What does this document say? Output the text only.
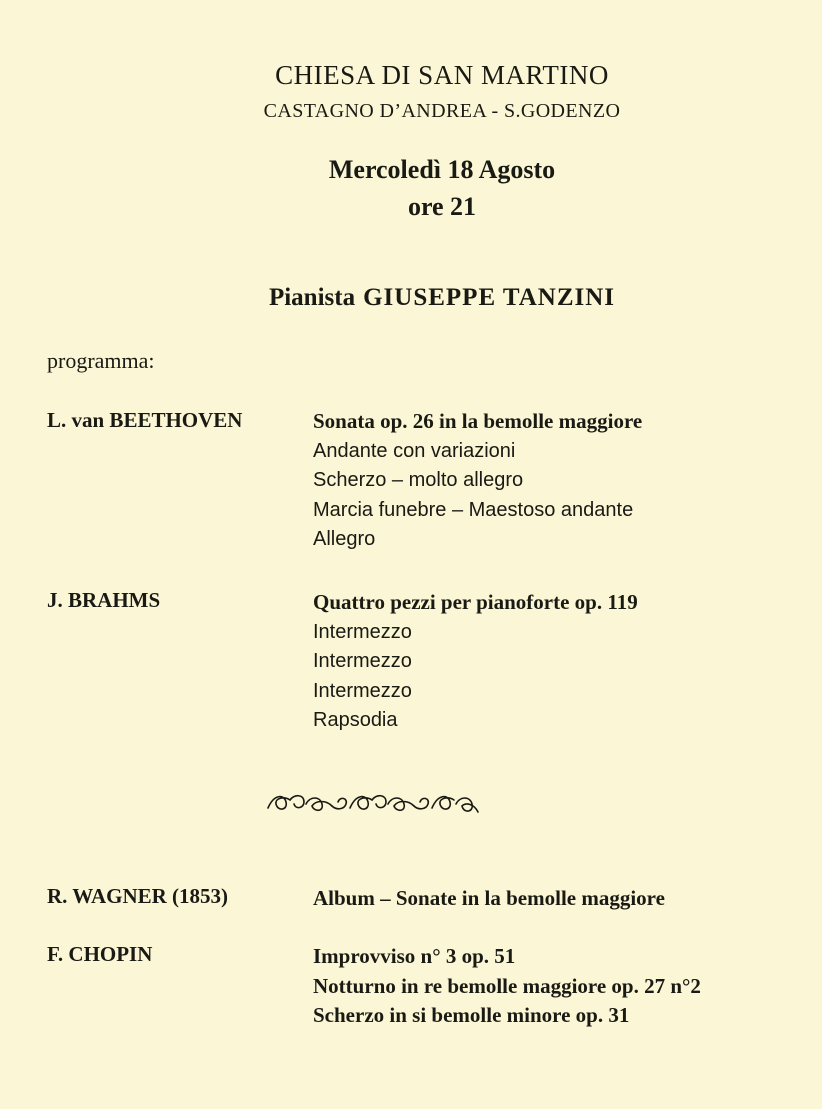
CHIESA DI SAN MARTINO
CASTAGNO D’ANDREA - S.GODENZO
Mercoledì 18 Agosto
ore 21
Pianista GIUSEPPE TANZINI
programma:
L. van BEETHOVEN	Sonata op. 26 in la bemolle maggiore
Andante con variazioni
Scherzo – molto allegro
Marcia funebre – Maestoso andante
Allegro
J. BRAHMS	Quattro pezzi per pianoforte op. 119
Intermezzo
Intermezzo
Intermezzo
Rapsodia
R. WAGNER (1853)	Album – Sonate in la bemolle maggiore
F. CHOPIN	Improvviso n° 3 op. 51
Notturno in re bemolle maggiore op. 27 n°2
Scherzo in si bemolle minore op. 31
